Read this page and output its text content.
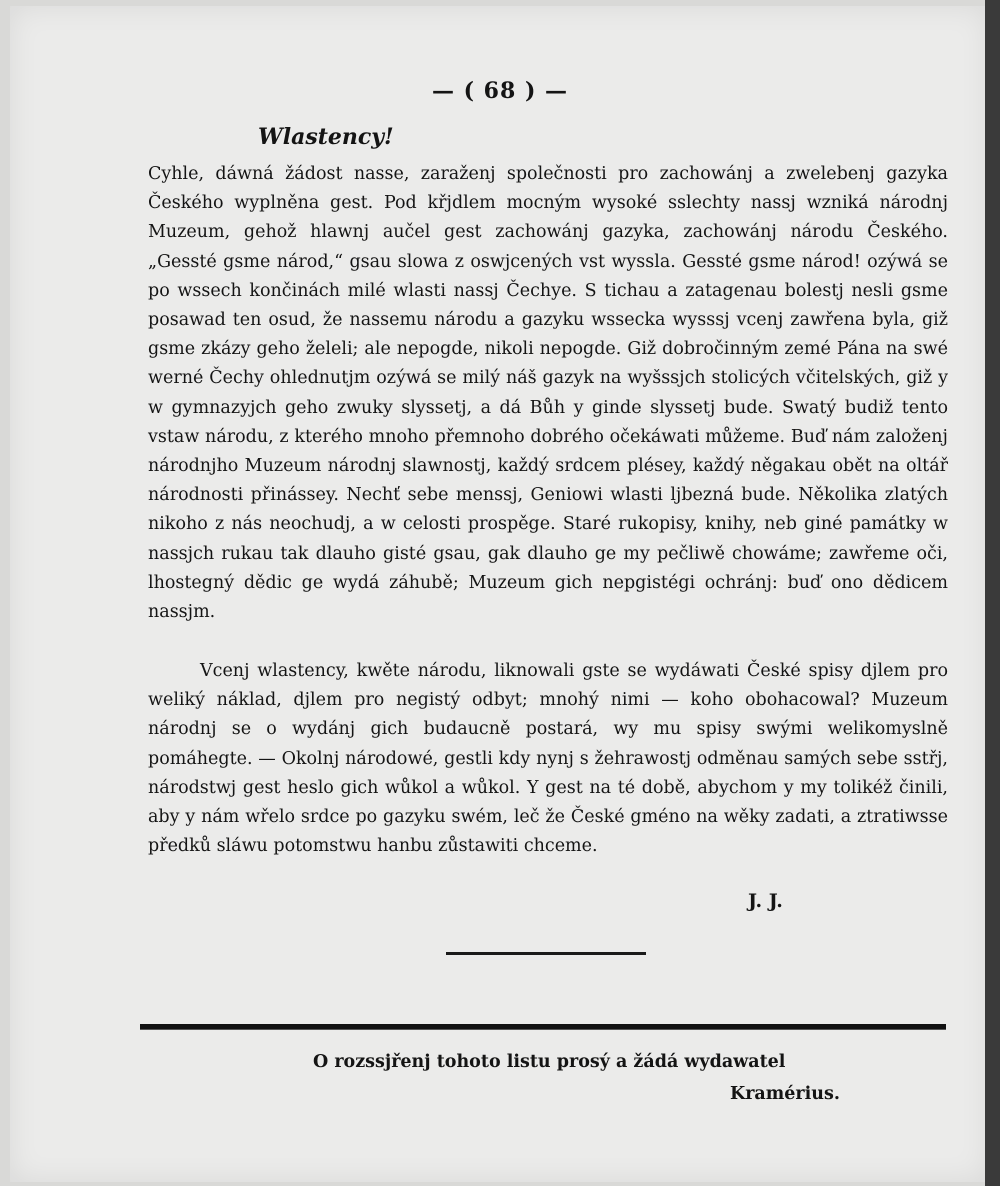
— ( 68 ) —
Wlastency!
Cyhle, dáwná žádost nasse, zaraženj společnosti pro zachowánj a zwelebenj gazyka Českého wyplněna gest. Pod křjdlem mocným wysoké sslechty nassj wzniká národnj Muzeum, gehož hlawnj aučel gest zachowánj gazyka, zachowánj národu Českého. „Gessté gsme národ,“ gsau slowa z oswjcených vst wyssla. Gessté gsme národ! ozýwá se po wssech končinách milé wlasti nassj Čechye. S tichau a zatagenau bolestj nesli gsme posawad ten osud, že nassemu národu a gazyku wssecka wysssj vcenj zawřena byla, giž gsme zkázy geho želeli; ale nepogde, nikoli nepogde. Giž dobročinným zemé Pána na swé werné Čechy ohlednutjm ozýwá se milý náš gazyk na wyšssjch stolicých včitelských, giž y w gymnazyjch geho zwuky slyssetj, a dá Bůh y ginde slyssetj bude. Swatý budiž tento vstaw národu, z kterého mnoho přemnoho dobrého očekáwati můžeme. Buď nám založenj národnjho Muzeum národnj slawnostj, každý srdcem plésey, každý něgakau obět na oltář národnosti přinássey. Nechť sebe menssj, Geniowi wlasti ljbezná bude. Několika zlatých nikoho z nás neochudj, a w celosti prospěge. Staré rukopisy, knihy, neb giné památky w nassjch rukau tak dlauho gisté gsau, gak dlauho ge my pečliwě chowáme; zawřeme oči, lhostegný dědic ge wydá záhubě; Muzeum gich nepgistégi ochránj: buď ono dědicem nassjm.
Vcenj wlastency, kwěte národu, liknowali gste se wydáwati České spisy djlem pro weliký náklad, djlem pro negistý odbyt; mnohý nimi — koho obohacowal? Muzeum národnj se o wydánj gich budaucně postará, wy mu spisy swými welikomyslně pomáhegte. — Okolnj národowé, gestli kdy nynj s žehrawostj odměnau samých sebe sstřj, národstwj gest heslo gich wůkol a wůkol. Y gest na té době, abychom y my tolikéž činili, aby y nám wřelo srdce po gazyku swém, leč že České gméno na wěky zadati, a ztratiwsse předků sláwu potomstwu hanbu zůstawiti chceme.
J. J.
O rozssjřenj tohoto listu prosý a žádá wydawatel
Kramérius.
